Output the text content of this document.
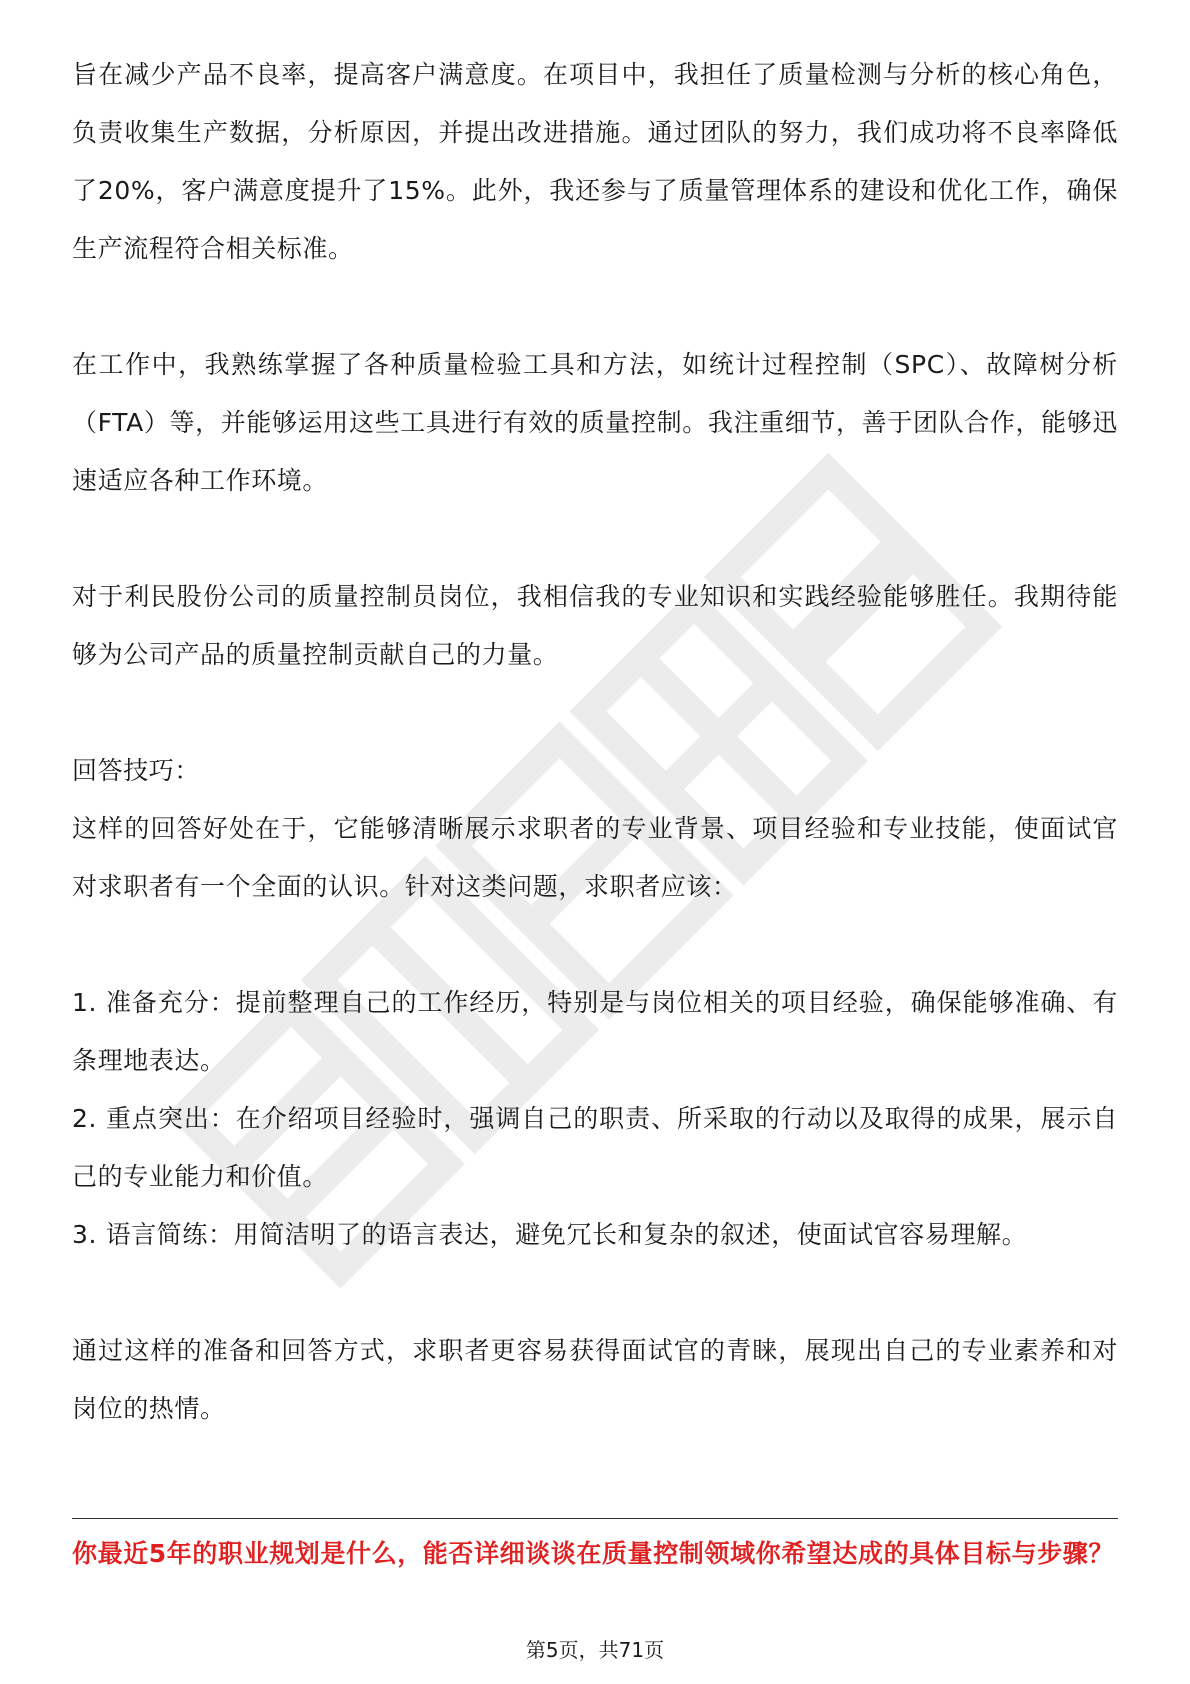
旨在减少产品不良率，提高客户满意度。在项目中，我担任了质量检测与分析的核心角色，负责收集生产数据，分析原因，并提出改进措施。通过团队的努力，我们成功将不良率降低了20%，客户满意度提升了15%。此外，我还参与了质量管理体系的建设和优化工作，确保生产流程符合相关标准。

在工作中，我熟练掌握了各种质量检验工具和方法，如统计过程控制（SPC）、故障树分析（FTA）等，并能够运用这些工具进行有效的质量控制。我注重细节，善于团队合作，能够迅速适应各种工作环境。

对于利民股份公司的质量控制员岗位，我相信我的专业知识和实践经验能够胜任。我期待能够为公司产品的质量控制贡献自己的力量。

回答技巧：

这样的回答好处在于，它能够清晰展示求职者的专业背景、项目经验和专业技能，使面试官对求职者有一个全面的认识。针对这类问题，求职者应该：

1. 准备充分：提前整理自己的工作经历，特别是与岗位相关的项目经验，确保能够准确、有条理地表达。

2. 重点突出：在介绍项目经验时，强调自己的职责、所采取的行动以及取得的成果，展示自己的专业能力和价值。

3. 语言简练：用简洁明了的语言表达，避免冗长和复杂的叙述，使面试官容易理解。

通过这样的准备和回答方式，求职者更容易获得面试官的青睐，展现出自己的专业素养和对岗位的热情。

你最近5年的职业规划是什么，能否详细谈谈在质量控制领域你希望达成的具体目标与步骤？

第5页，共71页
